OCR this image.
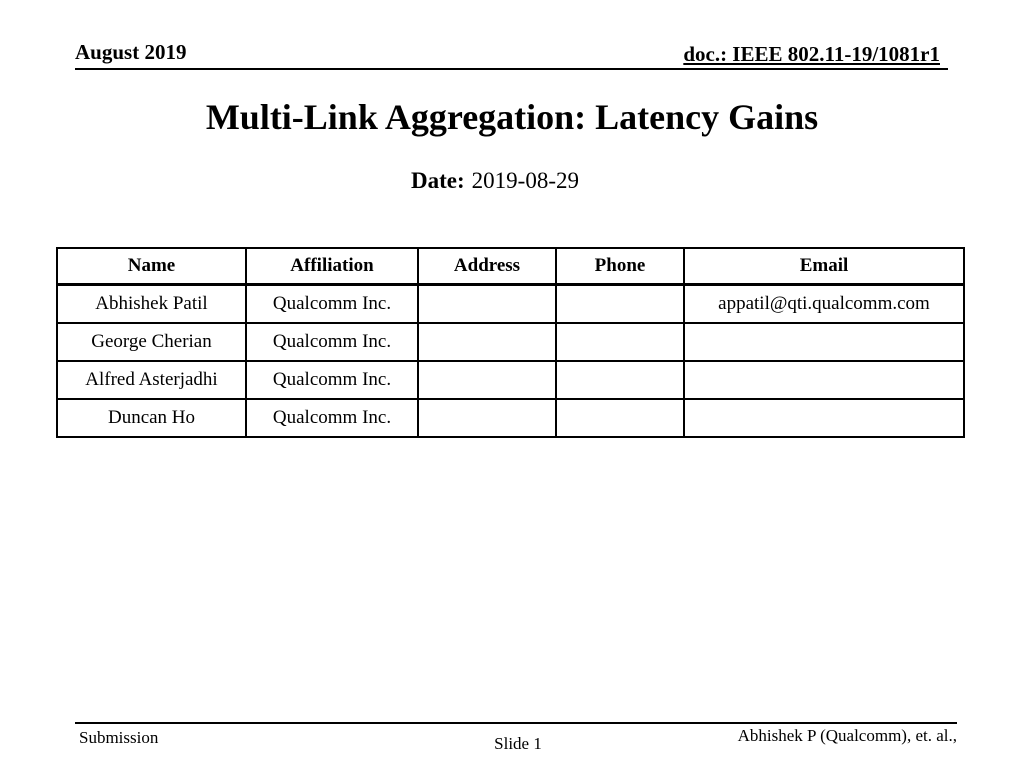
August 2019	doc.: IEEE 802.11-19/1081r1
Multi-Link Aggregation: Latency Gains

Date: 2019-08-29

Name	Affiliation	Address	Phone	Email
Abhishek Patil	Qualcomm Inc.			appatil@qti.qualcomm.com
George Cherian	Qualcomm Inc.			
Alfred Asterjadhi	Qualcomm Inc.			
Duncan Ho	Qualcomm Inc.			
Submission	Slide 1	Abhishek P (Qualcomm), et. al.,
